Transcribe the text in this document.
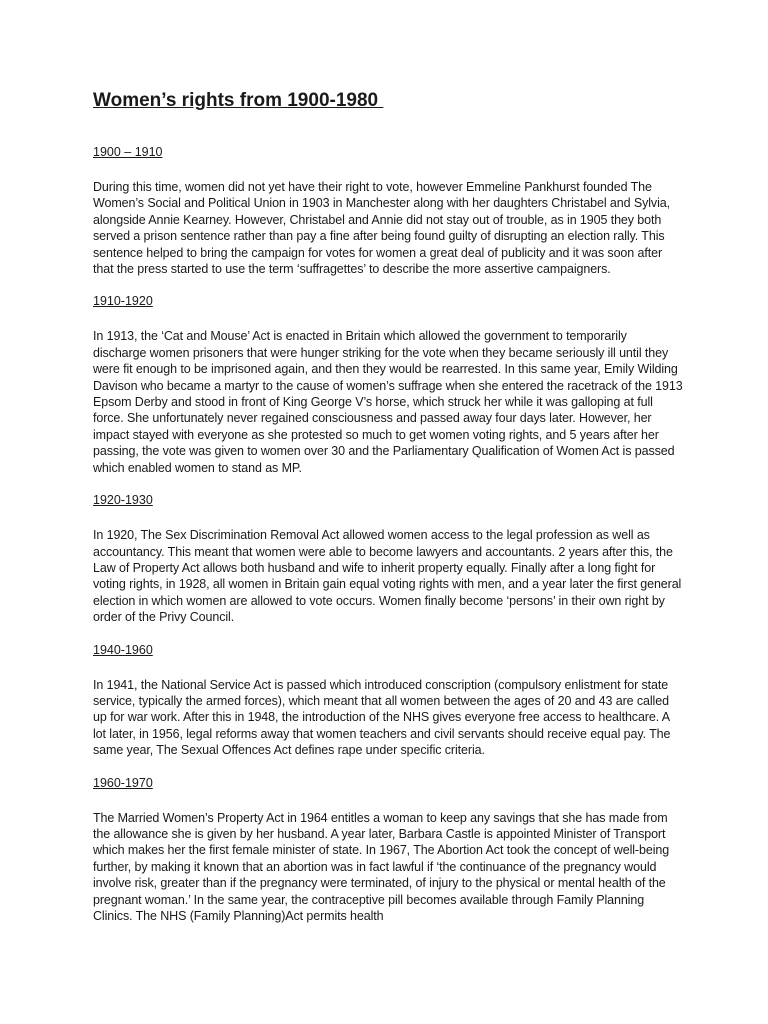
Women’s rights from 1900-1980
1900 – 1910

During this time, women did not yet have their right to vote, however Emmeline Pankhurst founded The Women’s Social and Political Union in 1903 in Manchester along with her daughters Christabel and Sylvia, alongside Annie Kearney. However, Christabel and Annie did not stay out of trouble, as in 1905 they both served a prison sentence rather than pay a fine after being found guilty of disrupting an election rally. This sentence helped to bring the campaign for votes for women a great deal of publicity and it was soon after that the press started to use the term ‘suffragettes’ to describe the more assertive campaigners.

1910-1920

In 1913, the ‘Cat and Mouse’ Act is enacted in Britain which allowed the government to temporarily discharge women prisoners that were hunger striking for the vote when they became seriously ill until they were fit enough to be imprisoned again, and then they would be rearrested. In this same year, Emily Wilding Davison who became a martyr to the cause of women’s suffrage when she entered the racetrack of the 1913 Epsom Derby and stood in front of King George V’s horse, which struck her while it was galloping at full force. She unfortunately never regained consciousness and passed away four days later. However, her impact stayed with everyone as she protested so much to get women voting rights, and 5 years after her passing, the vote was given to women over 30 and the Parliamentary Qualification of Women Act is passed which enabled women to stand as MP.

1920-1930

In 1920, The Sex Discrimination Removal Act allowed women access to the legal profession as well as accountancy. This meant that women were able to become lawyers and accountants. 2 years after this, the Law of Property Act allows both husband and wife to inherit property equally. Finally after a long fight for voting rights, in 1928, all women in Britain gain equal voting rights with men, and a year later the first general election in which women are allowed to vote occurs. Women finally become ‘persons’ in their own right by order of the Privy Council.

1940-1960

In 1941, the National Service Act is passed which introduced conscription (compulsory enlistment for state service, typically the armed forces), which meant that all women between the ages of 20 and 43 are called up for war work. After this in 1948, the introduction of the NHS gives everyone free access to healthcare. A lot later, in 1956, legal reforms away that women teachers and civil servants should receive equal pay. The same year, The Sexual Offences Act defines rape under specific criteria.

1960-1970

The Married Women’s Property Act in 1964 entitles a woman to keep any savings that she has made from the allowance she is given by her husband. A year later, Barbara Castle is appointed Minister of Transport which makes her the first female minister of state. In 1967, The Abortion Act took the concept of well-being further, by making it known that an abortion was in fact lawful if ‘the continuance of the pregnancy would involve risk, greater than if the pregnancy were terminated, of injury to the physical or mental health of the pregnant woman.’ In the same year, the contraceptive pill becomes available through Family Planning Clinics. The NHS (Family Planning)Act permits health
